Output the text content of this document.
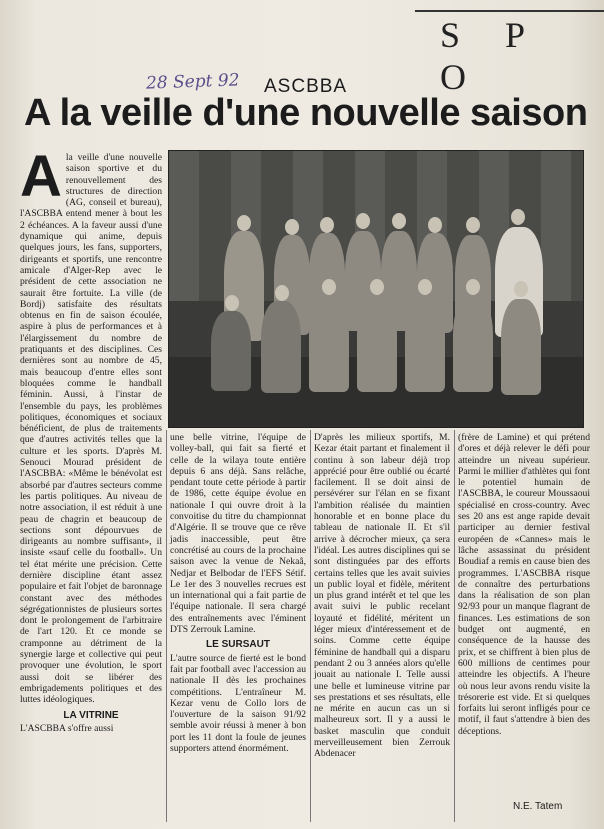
S P O
28 Sept 92 ASCBBA
A la veille d'une nouvelle saison
A la veille d'une nouvelle saison sportive et du renouvellement des structures de direction (AG, conseil et bureau), l'ASCBBA entend mener à bout les 2 échéances. A la faveur aussi d'une dynamique qui anime, depuis quelques jours, les fans, supporters, dirigeants et sportifs, une rencontre amicale d'Alger-Rep avec le président de cette association ne saurait être fortuite. La ville (de Bordj) satisfaite des résultats obtenus en fin de saison écoulée, aspire à plus de performances et à l'élargissement du nombre de pratiquants et des disciplines. Ces dernières sont au nombre de 45, mais beaucoup d'entre elles sont bloquées comme le handball féminin. Aussi, à l'instar de l'ensemble du pays, les problèmes politiques, économiques et sociaux bénéficient, de plus de traitements que d'autres activités telles que la culture et les sports. D'après M. Senouci Mourad président de l'ASCBBA: «Même le bénévolat est absorbé par d'autres secteurs comme les partis politiques. Au niveau de notre association, il est réduit à une peau de chagrin et beaucoup de sections sont dépourvues de dirigeants au nombre suffisant», il insiste «sauf celle du football». Un tel état mérite une précision. Cette dernière discipline étant assez populaire et fait l'objet de baronnage constant avec des méthodes ségrégationnistes de plusieurs sortes dont le prolongement de l'arbitraire de l'art 120. Et ce monde se cramponne au détriment de la synergie large et collective qui peut provoquer une évolution, le sport aussi doit se libérer des embrigadements politiques et des luttes idéologiques.

LA VITRINE

L'ASCBBA s'offre aussi

une belle vitrine, l'équipe de volley-ball, qui fait sa fierté et celle de la wilaya toute entière depuis 6 ans déjà. Sans relâche, pendant toute cette période à partir de 1986, cette équipe évolue en nationale I qui ouvre droit à la convoitise du titre du championnat d'Algérie. Il se trouve que ce rêve jadis inaccessible, peut être concrétisé au cours de la prochaine saison avec la venue de Nekaâ, Nedjar et Belbodar de l'EFS Sétif. Le 1er des 3 nouvelles recrues est un international qui a fait partie de l'équipe nationale. Il sera chargé des entraînements avec l'éminent DTS Zerrouk Lamine.

LE SURSAUT

L'autre source de fierté est le bond fait par football avec l'accession au nationale II dès les prochaines compétitions. L'entraîneur M. Kezar venu de Collo lors de l'ouverture de la saison 91/92 semble avoir réussi à mener à bon port les 11 dont la foule de jeunes supporters attend énormément.

D'après les milieux sportifs, M. Kezar était partant et finalement il continu à son labeur déjà trop apprécié pour être oublié ou écarté facilement. Il se doit ainsi de persévérer sur l'élan en se fixant l'ambition réalisée du maintien honorable et en bonne place du tableau de nationale II. Et s'il arrive à décrocher mieux, ça sera l'idéal. Les autres disciplines qui se sont distinguées par des efforts certains telles que les avait suivies un public loyal et fidèle, méritent un plus grand intérêt et tel que les avait suivi le public recelant loyauté et fidélité, méritent un léger mieux d'intéressement et de soins. Comme cette équipe féminine de handball qui a disparu pendant 2 ou 3 années alors qu'elle jouait au nationale I. Telle aussi une belle et lumineuse vitrine par ses prestations et ses résultats, elle ne mérite en aucun cas un si malheureux sort. Il y a aussi le basket masculin que conduit merveilleusement bien Zerrouk Abdenacer

(frère de Lamine) et qui prétend d'ores et déjà relever le défi pour atteindre un niveau supérieur. Parmi le millier d'athlètes qui font le potentiel humain de l'ASCBBA, le coureur Moussaoui spécialisé en cross-country. Avec ses 20 ans est ange rapide devait participer au dernier festival européen de «Cannes» mais le lâche assassinat du président Boudiaf a remis en cause bien des programmes. L'ASCBBA risque de connaître des perturbations dans la réalisation de son plan 92/93 pour un manque flagrant de finances. Les estimations de son budget ont augmenté, en conséquence de la hausse des prix, et se chiffrent à bien plus de 600 millions de centimes pour atteindre les objectifs. A l'heure où nous leur avons rendu visite la trésorerie est vide. Et si quelques forfaits lui seront infligés pour ce motif, il faut s'attendre à bien des déceptions.

N.E. Tatem
